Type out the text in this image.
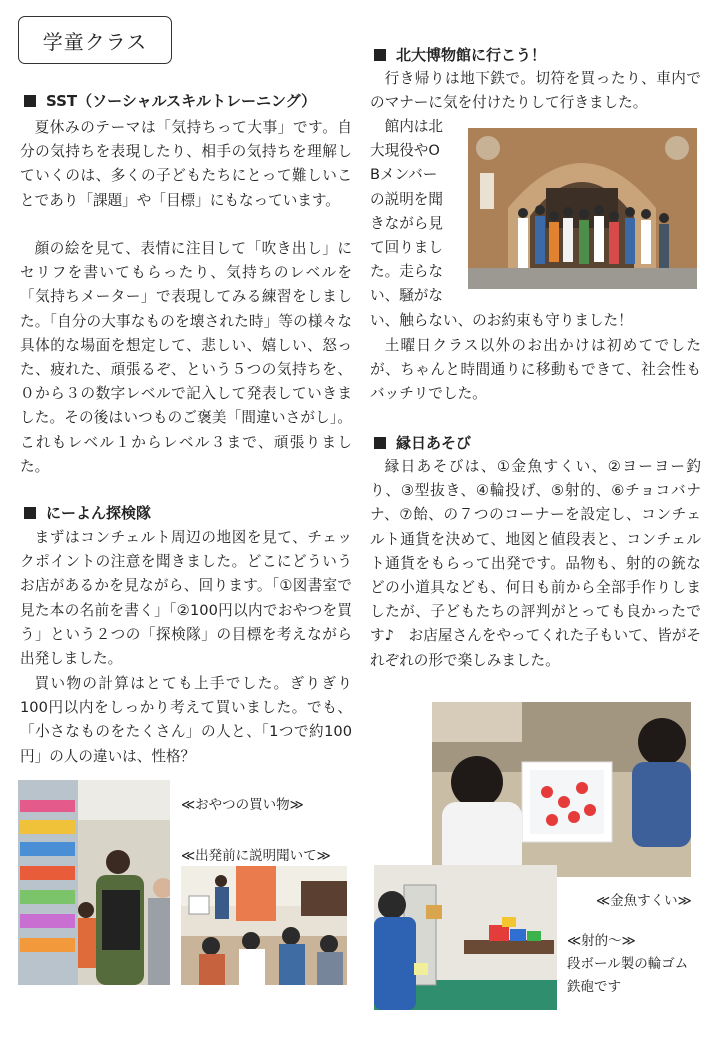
学童クラス
SST（ソーシャルスキルトレーニング）
夏休みのテーマは「気持ちって大事」です。自分の気持ちを表現したり、相手の気持ちを理解していくのは、多くの子どもたちにとって難しいことであり「課題」や「目標」にもなっています。
顔の絵を見て、表情に注目して「吹き出し」にセリフを書いてもらったり、気持ちのレベルを「気持ちメーター」で表現してみる練習をしました。「自分の大事なものを壊された時」等の様々な具体的な場面を想定して、悲しい、嬉しい、怒った、疲れた、頑張るぞ、という５つの気持ちを、０から３の数字レベルで記入して発表していきました。その後はいつものご褒美「間違いさがし」。これもレベル１からレベル３まで、頑張りました。
にーよん探検隊
まずはコンチェルト周辺の地図を見て、チェックポイントの注意を聞きました。どこにどういうお店があるかを見ながら、回ります。「①図書室で見た本の名前を書く」「②100円以内でおやつを買う」という２つの「探検隊」の目標を考えながら出発しました。
買い物の計算はとても上手でした。ぎりぎり100円以内をしっかり考えて買いました。でも、「小さなものをたくさん」の人と、「1つで約100円」の人の違いは、性格？
≪おやつの買い物≫
≪出発前に説明聞いて≫
北大博物館に行こう！
行き帰りは地下鉄で。切符を買ったり、車内でのマナーに気を付けたりして行きました。
館内は北
大現役やO
Bメンバー
の説明を聞
きながら見
て回りまし
た。走らな
い、騒がな
い、触らない、のお約束も守りました！
土曜日クラス以外のお出かけは初めてでしたが、ちゃんと時間通りに移動もできて、社会性もバッチリでした。
縁日あそび
縁日あそびは、①金魚すくい、②ヨーヨー釣り、③型抜き、④輪投げ、⑤射的、⑥チョコバナナ、⑦飴、の７つのコーナーを設定し、コンチェルト通貨を決めて、地図と値段表と、コンチェルト通貨をもらって出発です。品物も、射的の銃などの小道具なども、何日も前から全部手作りしましたが、子どもたちの評判がとっても良かったです♪　お店屋さんをやってくれた子もいて、皆がそれぞれの形で楽しみました。
≪金魚すくい≫
≪射的～≫
段ボール製の輪ゴム
鉄砲です
